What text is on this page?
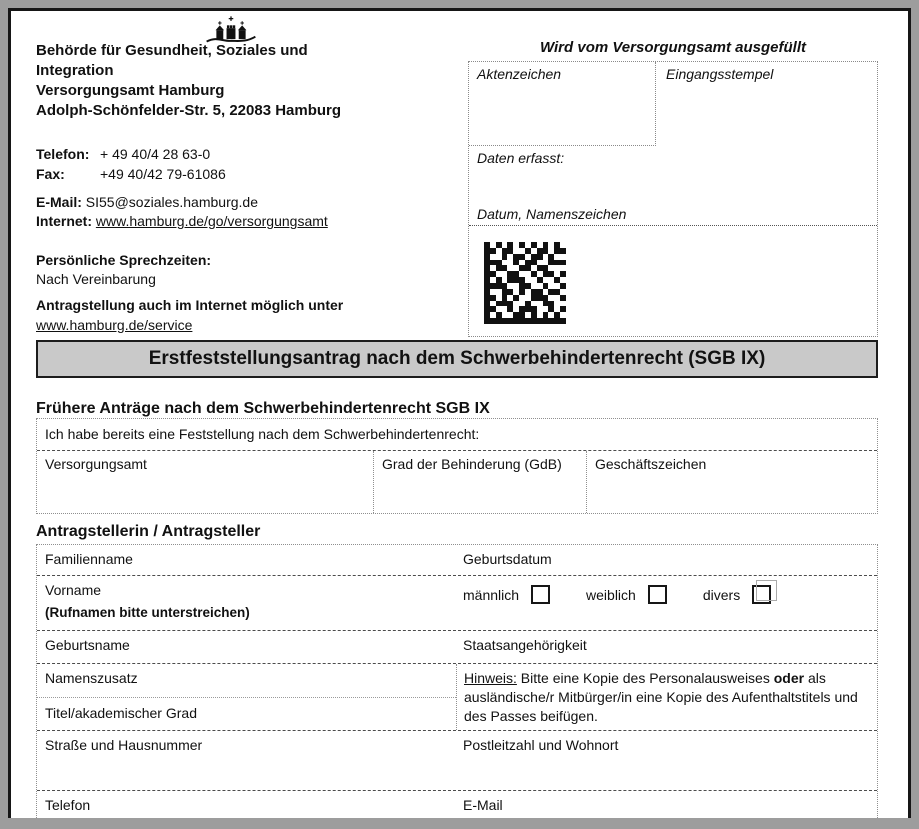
Behörde für Gesundheit, Soziales und
Integration
Versorgungsamt Hamburg
Adolph-Schönfelder-Str. 5, 22083 Hamburg
Telefon: + 49 40/4 28 63-0
Fax:	+49 40/42 79-61086
E-Mail: SI55@soziales.hamburg.de
Internet: www.hamburg.de/go/versorgungsamt
Persönliche Sprechzeiten:
Nach Vereinbarung
Antragstellung auch im Internet möglich unter
www.hamburg.de/service
Wird vom Versorgungsamt ausgefüllt
Aktenzeichen	Eingangsstempel
Daten erfasst:
Datum, Namenszeichen
Erstfeststellungsantrag nach dem Schwerbehindertenrecht (SGB IX)
Frühere Anträge nach dem Schwerbehindertenrecht SGB IX
Ich habe bereits eine Feststellung nach dem Schwerbehindertenrecht:
Versorgungsamt	Grad der Behinderung (GdB)	Geschäftszeichen
Antragstellerin / Antragsteller
Familienname	Geburtsdatum
Vorname
(Rufnamen bitte unterstreichen)
männlich	weiblich	divers
Geburtsname	Staatsangehörigkeit
Namenszusatz
Titel/akademischer Grad
Hinweis: Bitte eine Kopie des Personalausweises oder als ausländische/r Mitbürger/in eine Kopie des Aufenthaltstitels und des Passes beifügen.
Straße und Hausnummer	Postleitzahl und Wohnort
Telefon	E-Mail
